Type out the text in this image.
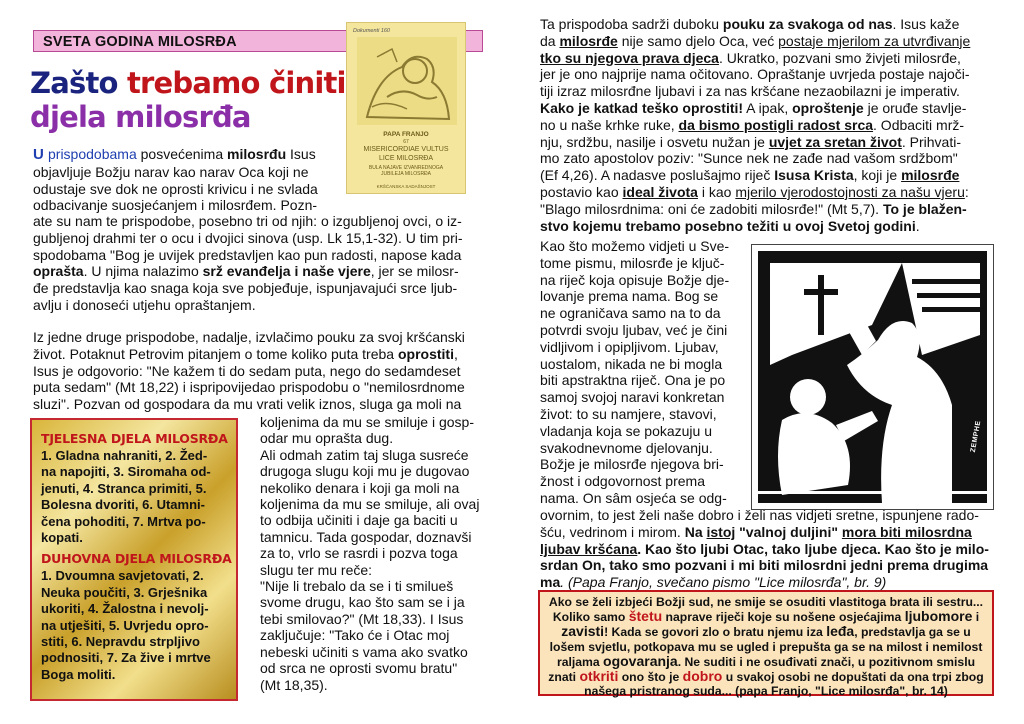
SVETA GODINA MILOSRĐA
Zašto trebamo činiti
djela milosrđa
Dokumenti 160
PAPA FRANJO
67
MISERICORDIAE VULTUS
LICE MILOSRĐA
BULA NAJAVE IZVANREDNOGA
JUBILEJA MILOSRĐA
KRŠĆANSKA SADAŠNJOST
U prispodobama posvećenima milosrđu Isus
objavljuje Božju narav kao narav Oca koji ne
odustaje sve dok ne oprosti krivicu i ne svlada
odbacivanje suosjećanjem i milosrđem. Pozn-
ate su nam te prispodobe, posebno tri od njih: o izgubljenoj ovci, o iz-
gubljenoj drahmi ter o ocu i dvojici sinova (usp. Lk 15,1-32). U tim pri-
spodobama "Bog je uvijek predstavljen kao pun radosti, napose kada
oprašta. U njima nalazimo srž evanđelja i naše vjere, jer se milosr-
đe predstavlja kao snaga koja sve pobjeđuje, ispunjavajući srce ljub-
avlju i donoseći utjehu opraštanjem.
Iz jedne druge prispodobe, nadalje, izvlačimo pouku za svoj kršćanski
život. Potaknut Petrovim pitanjem o tome koliko puta treba oprostiti,
Isus je odgovorio: "Ne kažem ti do sedam puta, nego do sedamdeset
puta sedam" (Mt 18,22) i ispripovijedao prispodobu o "nemilosrdnome
sluzi". Pozvan od gospodara da mu vrati velik iznos, sluga ga moli na
koljenima da mu se smiluje i gosp-
odar mu oprašta dug.
Ali odmah zatim taj sluga susreće
drugoga slugu koji mu je dugovao
nekoliko denara i koji ga moli na
koljenima da mu se smiluje, ali ovaj
to odbija učiniti i daje ga baciti u
tamnicu. Tada gospodar, doznavši
za to, vrlo se rasrdi i pozva toga
slugu ter mu reče:
"Nije li trebalo da se i ti smilueš
svome drugu, kao što sam se i ja
tebi smilovao?" (Mt 18,33). I Isus
zaključuje: "Tako će i Otac moj
nebeski učiniti s vama ako svatko
od srca ne oprosti svomu bratu"
(Mt 18,35).
TJELESNA DJELA MILOSRĐA
1. Gladna nahraniti, 2. Žed-
na napojiti, 3. Siromaha od-
jenuti, 4. Stranca primiti, 5.
Bolesna dvoriti, 6. Utamni-
čena pohoditi, 7. Mrtva po-
kopati.
DUHOVNA DJELA MILOSRĐA
1. Dvoumna savjetovati, 2.
Neuka poučiti, 3. Grješnika
ukoriti, 4. Žalostna i nevolj-
na utješiti, 5. Uvrjedu opro-
stiti, 6. Nepravdu strpljivo
podnositi, 7. Za žive i mrtve
Boga moliti.
Ta prispodoba sadrži duboku pouku za svakoga od nas. Isus kaže
da milosrđe nije samo djelo Oca, već postaje mjerilom za utvrđivanje
tko su njegova prava djeca. Ukratko, pozvani smo živjeti milosrđe,
jer je ono najprije nama očitovano. Opraštanje uvrjeda postaje najoči-
tiji izraz milosrđne ljubavi i za nas kršćane nezaobilazni je imperativ.
Kako je katkad teško oprostiti! A ipak, oproštenje je oruđe stavlje-
no u naše krhke ruke, da bismo postigli radost srca. Odbaciti mrž-
nju, srdžbu, nasilje i osvetu nužan je uvjet za sretan život. Prihvati-
mo zato apostolov poziv: "Sunce nek ne zađe nad vašom srdžbom"
(Ef 4,26). A nadasve poslušajmo riječ Isusa Krista, koji je milosrđe
postavio kao ideal života i kao mjerilo vjerodostojnosti za našu vjeru:
"Blago milosrdnima: oni će zadobiti milosrđe!" (Mt 5,7). To je blažen-
stvo kojemu trebamo posebno težiti u ovoj Svetoj godini.
Kao što možemo vidjeti u Sve-
tome pismu, milosrđe je ključ-
na riječ koja opisuje Božje dje-
lovanje prema nama. Bog se
ne ograničava samo na to da
potvrdi svoju ljubav, već je čini
vidljivom i opipljivom. Ljubav,
uostalom, nikada ne bi mogla
biti apstraktna riječ. Ona je po
samoj svojoj naravi konkretan
život: to su namjere, stavovi,
vladanja koja se pokazuju u
svakodnevnome djelovanju.
Božje je milosrđe njegova bri-
žnost i odgovornost prema
nama. On sâm osjeća se odg-
ZEMPHE
ovornim, to jest želi naše dobro i želi nas vidjeti sretne, ispunjene rado-
šću, vedrinom i mirom. Na istoj "valnoj duljini" mora biti milosrdna
ljubav kršćana. Kao što ljubi Otac, tako ljube djeca. Kao što je milo-
srdan On, tako smo pozvani i mi biti milosrdni jedni prema drugima
ma. (Papa Franjo, svečano pismo "Lice milosrđa", br. 9)
Ako se želi izbjeći Božji sud, ne smije se osuditi vlastitoga brata ili sestru...
Koliko samo štetu naprave riječi koje su nošene osjećajima ljubomore i
zavisti! Kada se govori zlo o bratu njemu iza leđa, predstavlja ga se u
lošem svjetlu, potkopava mu se ugled i prepušta ga se na milost i nemilost
raljama ogovaranja. Ne suditi i ne osuđivati znači, u pozitivnom smislu
znati otkriti ono što je dobro u svakoj osobi ne dopuštati da ona trpi zbog
našega pristranog suda... (papa Franjo, "Lice milosrđa", br. 14)
